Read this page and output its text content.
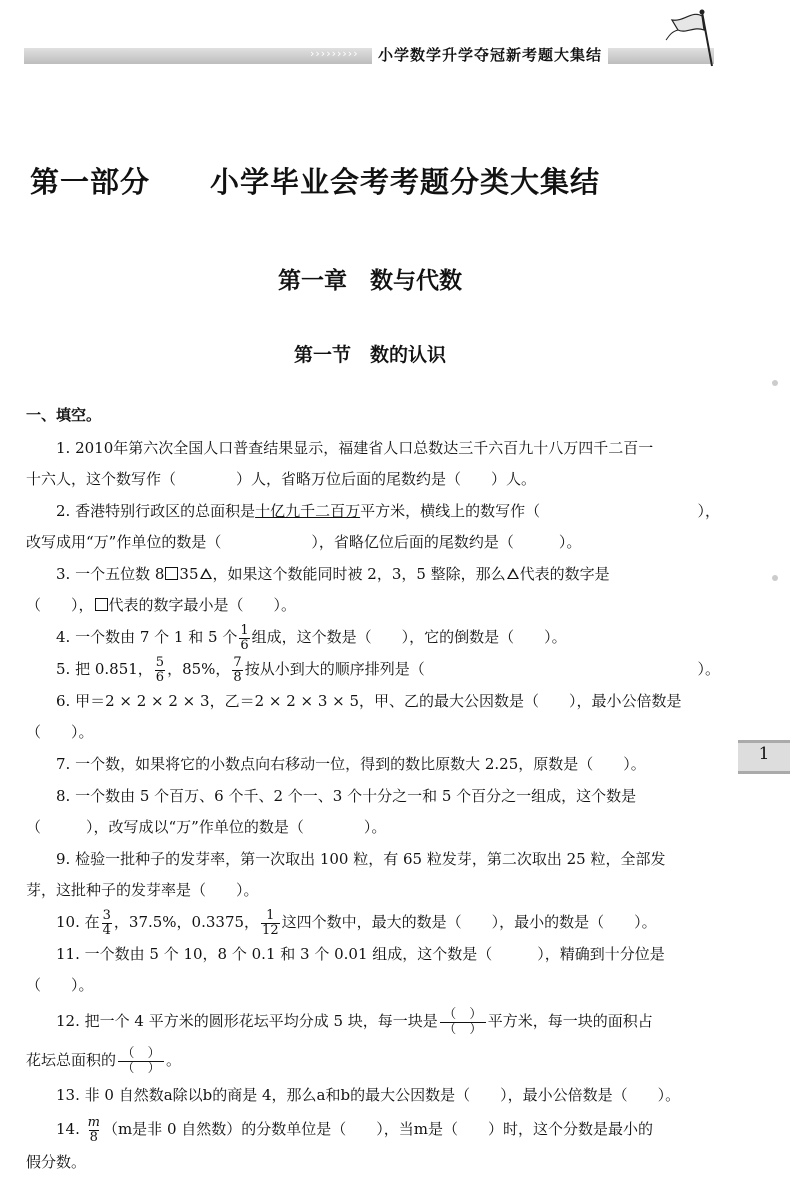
›››››››››	小学数学升学夺冠新考题大集结
第一部分　　小学毕业会考考题分类大集结
第一章　数与代数
第一节　数的认识
1
一、填空。
1. 2010年第六次全国人口普查结果显示，福建省人口总数达三千六百九十八万四千二百一
十六人，这个数写作（　　　　）人，省略万位后面的尾数约是（　　）人。
2. 香港特别行政区的总面积是十亿九千二百万平方米，横线上的数写作（	），
改写成用“万”作单位的数是（　　　　　　），省略亿位后面的尾数约是（　　　）。
3. 一个五位数 8 35 ，如果这个数能同时被 2，3，5 整除，那么 代表的数字是
（　　）， 代表的数字最小是（　　）。
4. 一个数由 7 个 1 和 5 个 $\frac{1}{6}$ 组成，这个数是（　　），它的倒数是（　　）。
5. 把 0.851， $\frac{5}{6}$ ，85%， $\frac{7}{8}$ 按从小到大的顺序排列是（	）。
6. 甲＝2 × 2 × 2 × 3，乙＝2 × 2 × 3 × 5，甲、乙的最大公因数是（　　），最小公倍数是
（　　）。
7. 一个数，如果将它的小数点向右移动一位，得到的数比原数大 2.25，原数是（　　）。
8. 一个数由 5 个百万、6 个千、2 个一、3 个十分之一和 5 个百分之一组成，这个数是
（　　　），改写成以“万”作单位的数是（　　　　）。
9. 检验一批种子的发芽率，第一次取出 100 粒，有 65 粒发芽，第二次取出 25 粒，全部发
芽，这批种子的发芽率是（　　）。
10. 在 $\frac{3}{4}$ ，37.5%，0.3375， $\frac{1}{12}$ 这四个数中，最大的数是（　　），最小的数是（　　）。
11. 一个数由 5 个 10，8 个 0.1 和 3 个 0.01 组成，这个数是（　　　），精确到十分位是
（　　）。
12. 把一个 4 平方米的圆形花坛平均分成 5 块，每一块是 $\frac{( )}{( )}$ 平方米，每一块的面积占
花坛总面积的 $\frac{( )}{( )}$ 。
13. 非 0 自然数a除以b的商是 4，那么a和b的最大公因数是（　　），最小公倍数是（　　）。
14. $\frac{m}{8} (m$是非 0 自然数）的分数单位是（　　），当m是（　　）时，这个分数是最小的
假分数。
